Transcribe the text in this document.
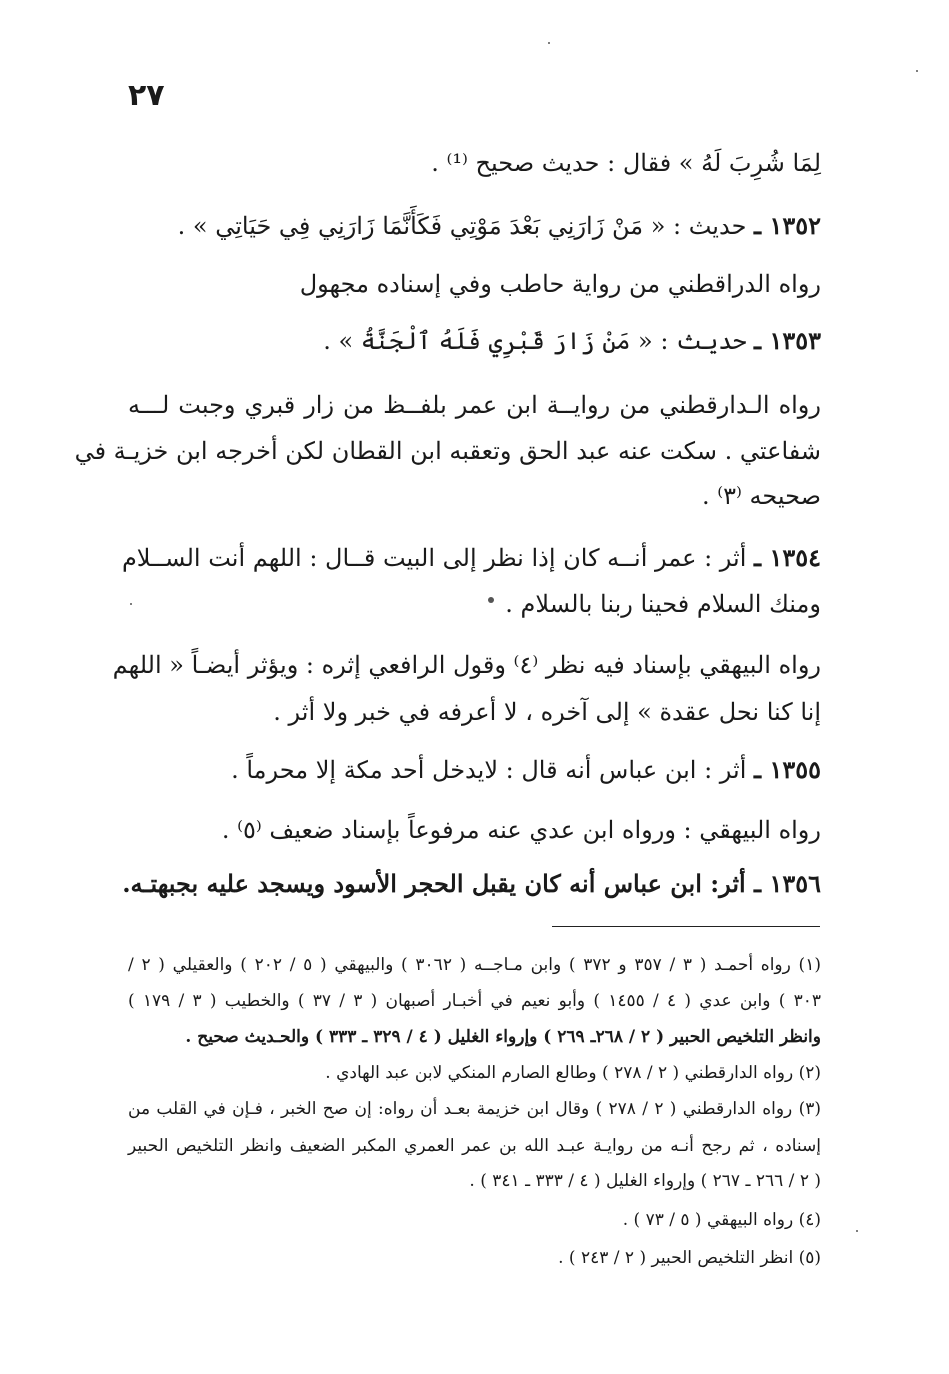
٢٧
لِمَا شُرِبَ لَهُ » فقال : حديث صحيح ⁽¹⁾ .
١٣٥٢ ـ حديث : « مَنْ زَارَنِي بَعْدَ مَوْتِي فَكَأَنَّمَا زَارَنِي فِي حَيَاتِي » .
رواه الدراقطني من رواية حاطب وفي إسناده مجهول
١٣٥٣ ـ حديث : « مَنْ زَارَ قَبْرِي فَلَهُ ٱلْجَنَّةُ » .
رواه الـدارقطني من روايــة ابن عمر بلفــظ من زار قبري وجبت لـــه
شفاعتي . سكت عنه عبد الحق وتعقبه ابن القطان لكن أخرجه ابن خزيـة في
صحيحه ⁽٣⁾ .
١٣٥٤ ـ أثر : عمر أنــه كان إذا نظر إلى البيت قــال : اللهم أنت الســلام
ومنك السلام فحينا ربنا بالسلام .
رواه البيهقي بإسناد فيه نظر ⁽٤⁾ وقول الرافعي إثره : ويؤثر أيضـاً « اللهم
إنا كنا نحل عقدة » إلى آخره ، لا أعرفه في خبر ولا أثر .
١٣٥٥ ـ أثر : ابن عباس أنه قال : لايدخل أحد مكة إلا محرماً .
رواه البيهقي : ورواه ابن عدي عنه مرفوعاً بإسناد ضعيف ⁽٥⁾ .
١٣٥٦ ـ أثر: ابن عباس أنه كان يقبل الحجر الأسود ويسجد عليه بجبهتـه.
(١) رواه أحمـد ( ٣ / ٣٥٧ و ٣٧٢ ) وابن مـاجــه ( ٣٠٦٢ ) والبيهقي ( ٥ / ٢٠٢ ) والعقيلي ( ٢ /
٣٠٣ ) وابن عدي ( ٤ / ١٤٥٥ ) وأبو نعيم في أخبـار أصبهان ( ٣ / ٣٧ ) والخطيب ( ٣ / ١٧٩ )
وانظر التلخيص الحبير ( ٢ / ٢٦٨ـ ٢٦٩ ) وإرواء الغليل ( ٤ / ٣٢٩ ـ ٣٣٣ ) والحـديث صحيح .
(٢) رواه الدارقطني ( ٢ / ٢٧٨ ) وطالع الصارم المنكي لابن عبد الهادي .
(٣) رواه الدارقطني ( ٢ / ٢٧٨ ) وقال ابن خزيمة بعـد أن رواه: إن صح الخبر ، فـإن في القلب من
إسناده ، ثم رجح أنـه من روايـة عبـد الله بن عمر العمري المكبر الضعيف وانظر التلخيص الحبير
( ٢ / ٢٦٦ ـ ٢٦٧ ) وإرواء الغليل ( ٤ / ٣٣٣ ـ ٣٤١ ) .
(٤) رواه البيهقي ( ٥ / ٧٣ ) .
(٥) انظر التلخيص الحبير ( ٢ / ٢٤٣ ) .
